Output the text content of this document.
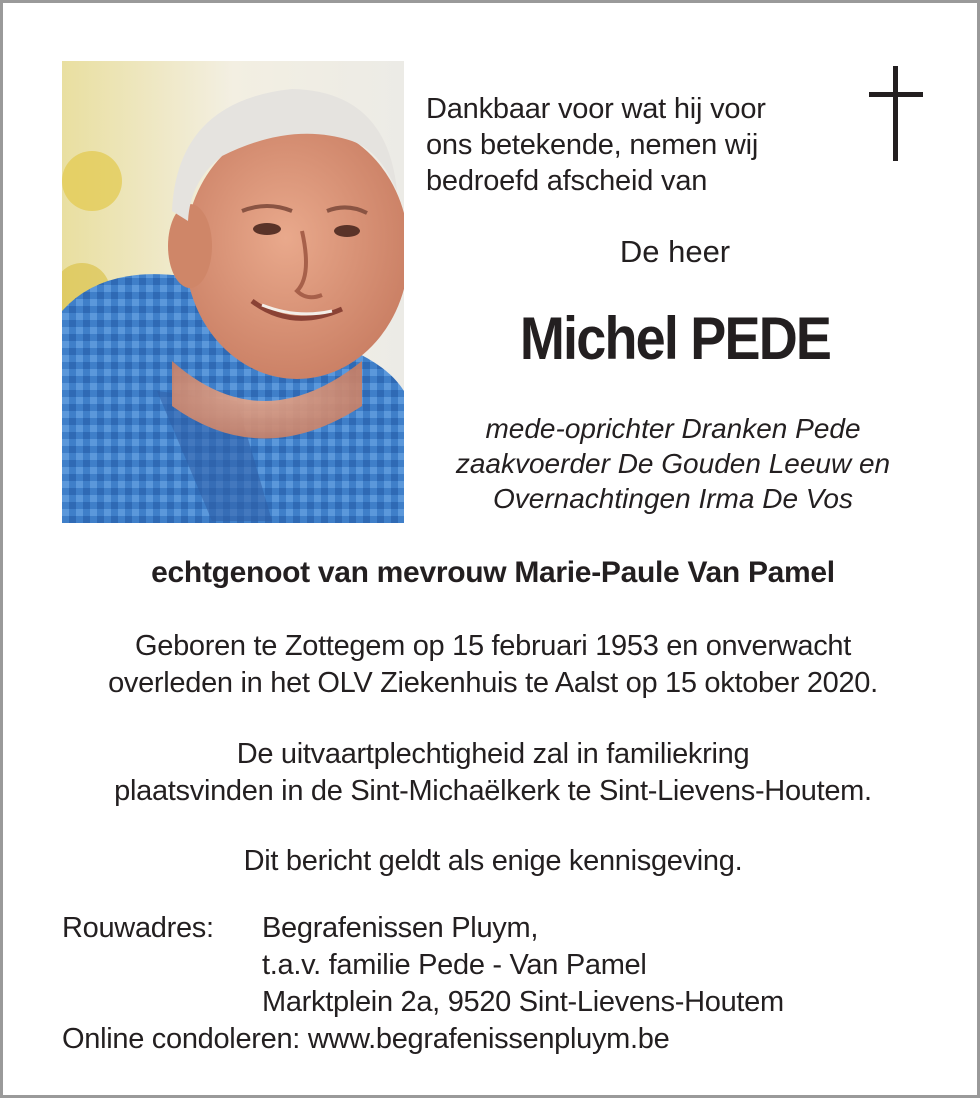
Dankbaar voor wat hij voor
ons betekende, nemen wij
bedroefd afscheid van
De heer
Michel PEDE
mede-oprichter Dranken Pede
zaakvoerder De Gouden Leeuw en
Overnachtingen Irma De Vos
echtgenoot van mevrouw Marie-Paule Van Pamel
Geboren te Zottegem op 15 februari 1953 en onverwacht
overleden in het OLV Ziekenhuis te Aalst op 15 oktober 2020.
De uitvaartplechtigheid zal in familiekring
plaatsvinden in de Sint-Michaëlkerk te Sint-Lievens-Houtem.
Dit bericht geldt als enige kennisgeving.
Rouwadres: Begrafenissen Pluym,
t.a.v. familie Pede - Van Pamel
Marktplein 2a, 9520 Sint-Lievens-Houtem
Online condoleren: www.begrafenissenpluym.be
